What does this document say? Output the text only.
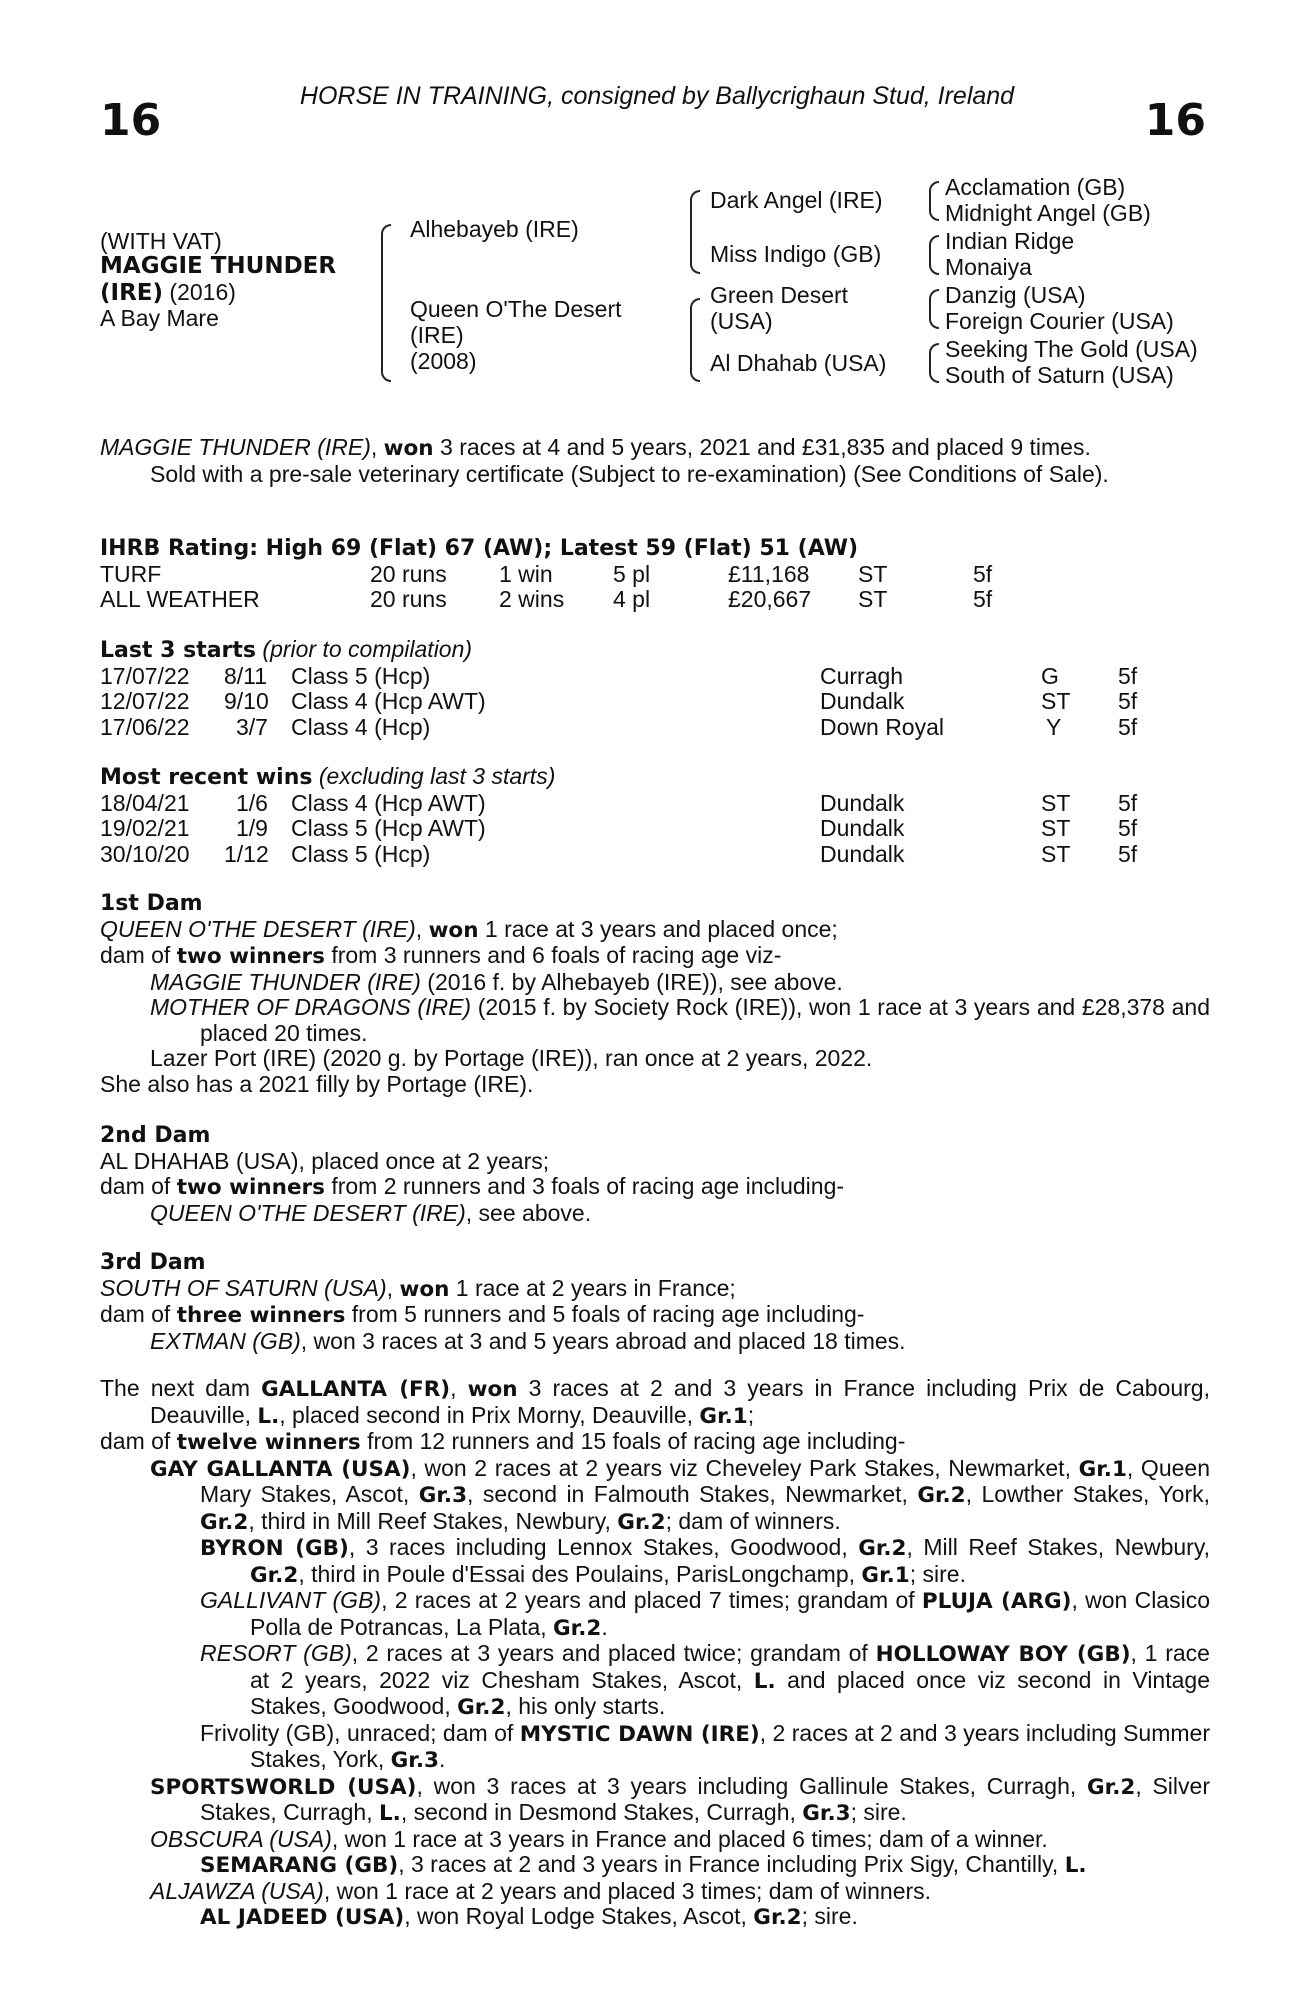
HORSE IN TRAINING, consigned by Ballycrighaun Stud, Ireland
16	16
(WITH VAT)
MAGGIE THUNDER
(IRE) (2016)
A Bay Mare
Alhebayeb (IRE)
Queen O'The Desert
(IRE)
(2008)
Dark Angel (IRE)
Miss Indigo (GB)
Green Desert
(USA)
Al Dhahab (USA)
Acclamation (GB)
Midnight Angel (GB)
Indian Ridge
Monaiya
Danzig (USA)
Foreign Courier (USA)
Seeking The Gold (USA)
South of Saturn (USA)
MAGGIE THUNDER (IRE), won 3 races at 4 and 5 years, 2021 and £31,835 and placed 9 times.
Sold with a pre-sale veterinary certificate (Subject to re-examination) (See Conditions of Sale).
IHRB Rating: High 69 (Flat) 67 (AW); Latest 59 (Flat) 51 (AW)
TURF	20 runs 1 win	5 pl	£11,168 ST	5f
ALL WEATHER	20 runs 2 wins 4 pl	£20,667 ST	5f
Last 3 starts (prior to compilation)
17/07/22 8/11 Class 5 (Hcp)	Curragh	G	5f
12/07/22 9/10 Class 4 (Hcp AWT)	Dundalk	ST 5f
17/06/22 3/7 Class 4 (Hcp)	Down Royal	Y 5f
Most recent wins (excluding last 3 starts)
18/04/21 1/6 Class 4 (Hcp AWT)	Dundalk	ST 5f
19/02/21 1/9 Class 5 (Hcp AWT)	Dundalk	ST 5f
30/10/20 1/12 Class 5 (Hcp)	Dundalk	ST 5f
1st Dam
QUEEN O'THE DESERT (IRE), won 1 race at 3 years and placed once;
dam of two winners from 3 runners and 6 foals of racing age viz-
MAGGIE THUNDER (IRE) (2016 f. by Alhebayeb (IRE)), see above.
MOTHER OF DRAGONS (IRE) (2015 f. by Society Rock (IRE)), won 1 race at 3 years and £28,378 and placed 20 times.
Lazer Port (IRE) (2020 g. by Portage (IRE)), ran once at 2 years, 2022.
She also has a 2021 filly by Portage (IRE).
2nd Dam
AL DHAHAB (USA), placed once at 2 years;
dam of two winners from 2 runners and 3 foals of racing age including-
QUEEN O'THE DESERT (IRE), see above.
3rd Dam
SOUTH OF SATURN (USA), won 1 race at 2 years in France;
dam of three winners from 5 runners and 5 foals of racing age including-
EXTMAN (GB), won 3 races at 3 and 5 years abroad and placed 18 times.
The next dam GALLANTA (FR), won 3 races at 2 and 3 years in France including Prix de Cabourg, Deauville, L., placed second in Prix Morny, Deauville, Gr.1;
dam of twelve winners from 12 runners and 15 foals of racing age including-
GAY GALLANTA (USA), won 2 races at 2 years viz Cheveley Park Stakes, Newmarket, Gr.1, Queen Mary Stakes, Ascot, Gr.3, second in Falmouth Stakes, Newmarket, Gr.2, Lowther Stakes, York, Gr.2, third in Mill Reef Stakes, Newbury, Gr.2; dam of winners.
BYRON (GB), 3 races including Lennox Stakes, Goodwood, Gr.2, Mill Reef Stakes, Newbury, Gr.2, third in Poule d'Essai des Poulains, ParisLongchamp, Gr.1; sire.
GALLIVANT (GB), 2 races at 2 years and placed 7 times; grandam of PLUJA (ARG), won Clasico Polla de Potrancas, La Plata, Gr.2.
RESORT (GB), 2 races at 3 years and placed twice; grandam of HOLLOWAY BOY (GB), 1 race at 2 years, 2022 viz Chesham Stakes, Ascot, L. and placed once viz second in Vintage Stakes, Goodwood, Gr.2, his only starts.
Frivolity (GB), unraced; dam of MYSTIC DAWN (IRE), 2 races at 2 and 3 years including Summer Stakes, York, Gr.3.
SPORTSWORLD (USA), won 3 races at 3 years including Gallinule Stakes, Curragh, Gr.2, Silver Stakes, Curragh, L., second in Desmond Stakes, Curragh, Gr.3; sire.
OBSCURA (USA), won 1 race at 3 years in France and placed 6 times; dam of a winner.
SEMARANG (GB), 3 races at 2 and 3 years in France including Prix Sigy, Chantilly, L.
ALJAWZA (USA), won 1 race at 2 years and placed 3 times; dam of winners.
AL JADEED (USA), won Royal Lodge Stakes, Ascot, Gr.2; sire.
